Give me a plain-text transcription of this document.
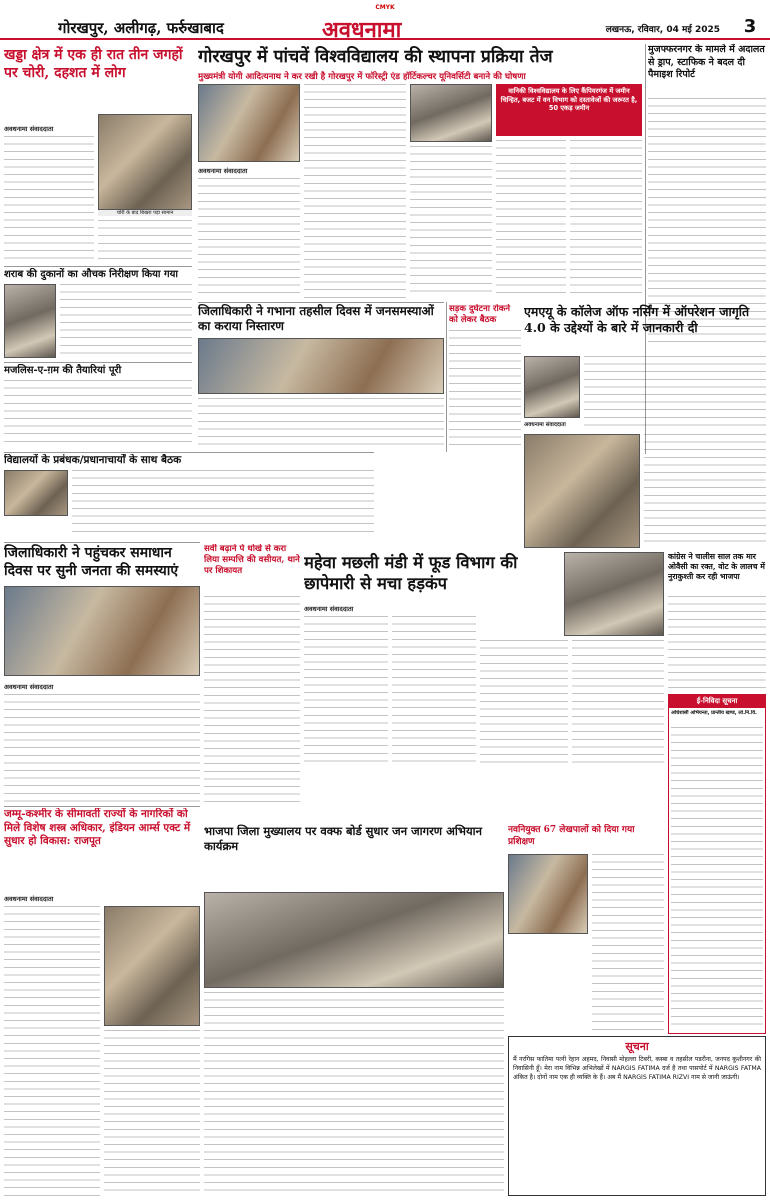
CMYK
गोरखपुर, अलीगढ़, फर्रुखाबाद	अवधनामा	लखनऊ, रविवार, 04 मई 2025	3
खड्डा क्षेत्र में एक ही रात तीन जगहों पर चोरी, दहशत में लोग
अवधनामा संवाददाता
चोरी के बाद बिखरा पड़ा सामान
शराब की दुकानों का औचक निरीक्षण किया गया
मजलिस-ए-ग़म की तैयारियां पूरी
विद्यालयों के प्रबंधक/प्रधानाचार्यों के साथ बैठक
गोरखपुर में पांचवें विश्वविद्यालय की स्थापना प्रक्रिया तेज
मुख्यमंत्री योगी आदित्यनाथ ने कर रखी है गोरखपुर में फॉरेस्ट्री एंड हॉर्टिकल्चर यूनिवर्सिटी बनाने की घोषणा
अवधनामा संवाददाता
वानिकी विश्वविद्यालय के लिए कैंपियरगंज में जमीन चिन्हित, बजट में वन विभाग को दस्तावेजों की जरूरत है, 50 एकड़ जमीन
मुजफ्फरनगर के मामले में अदालत से ड्राप, स्टाफिक ने बदल दी पैमाइश रिपोर्ट
जिलाधिकारी ने गभाना तहसील दिवस में जनसमस्याओं का कराया निस्तारण
सड़क दुर्घटना रोकने को लेकर बैठक
एमएयू के कॉलेज ऑफ नर्सिंग में ऑपरेशन जागृति 4.0 के उद्देश्यों के बारे में जानकारी दी
अवधनामा संवाददाता
जिलाधिकारी ने पहुंचकर समाधान दिवस पर सुनी जनता की समस्याएं
अवधनामा संवाददाता
सर्वी बढ़ाने पे धोखे से करा लिया सम्पत्ति की वसीयत, थाने पर शिकायत	महेवा मछली मंडी में फूड विभाग की छापेमारी से मचा हड़कंप
अवधनामा संवाददाता
कांग्रेस ने चालीस साल तक मार ओवैसी का रक्त, वोट के लालच में नुराकुश्ती कर रही भाजपा
ई-निविदा सूचना
अधिशासी अभियन्ता, प्रान्तीय खण्ड, लो.नि.वि.
भाजपा जिला मुख्यालय पर वक्फ बोर्ड सुधार जन जागरण अभियान कार्यक्रम
नवनियुक्त 67 लेखपालों को दिया गया प्रशिक्षण
जम्मू-कश्मीर के सीमावर्ती राज्यों के नागरिकों को मिले विशेष शस्त्र अधिकार, इंडियन आर्म्स एक्ट में सुधार हो विकास: राजपूत
अवधनामा संवाददाता
सूचना
मैं नरगिस फातिमा पत्नी रेहान अहमद, निवासी मोहल्ला टिबरी, कस्बा व तहसील पडरौना, जनपद कुशीनगर की निवासिनी हूँ। मेरा नाम विभिन्न अभिलेखों में NARGIS FATIMA दर्ज है तथा पासपोर्ट में NARGIS FATMA अंकित है। दोनों नाम एक ही व्यक्ति के हैं। अब मैं NARGIS FATIMA RIZVI नाम से जानी जाऊंगी।
